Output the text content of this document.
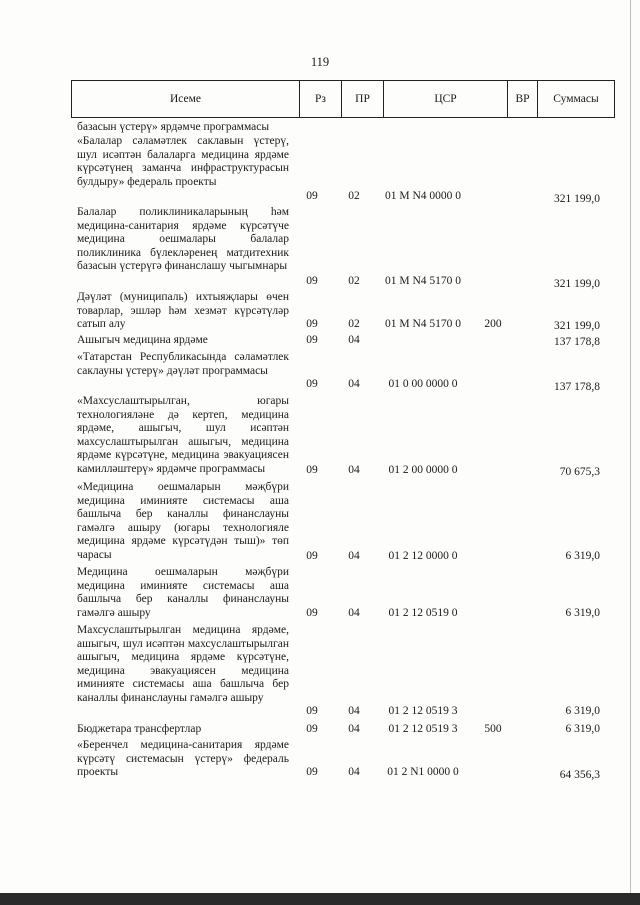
119
Исеме	Рз	ПР	ЦСР	ВР	Суммасы
базасын үстерү» ярдәмче программасы
«Балалар сәламәтлек саклавын үстерү, шул исәптән балаларга медицина ярдәме күрсәтүнең заманча инфраструктурасын булдыру» федераль проекты
09	02	01 М N4 0000 0	321 199,0
Балалар поликлиникаларының һәм медицина-санитария ярдәме күрсәтүче медицина оешмалары балалар поликлиника бүлекләренең матдитехник базасын үстерүгә финанслашу чыгымнары
09	02	01 М N4 5170 0	321 199,0
Дәүләт (муниципаль) ихтыяҗлары өчен товарлар, эшләр һәм хезмәт күрсәтүләр сатып алу	09	02	01 М N4 5170 0	200	321 199,0
Ашыгыч медицина ярдәме	09	04	137 178,8
«Татарстан Республикасында сәламәтлек саклауны үстерү» дәүләт программасы
09	04	01 0 00 0000 0	137 178,8
«Махсуслаштырылган, югары технологияләне дә кертеп, медицина ярдәме, ашыгыч, шул исәптән махсуслаштырылган ашыгыч, медицина ярдәме күрсәтүне, медицина эвакуациясен камилләштерү» ярдәмче программасы	09	04	01 2 00 0000 0	70 675,3
«Медицина оешмаларын мәҗбүри медицина иминияте системасы аша башлыча бер каналлы финанслауны гамәлгә ашыру (югары технологияле медицина ярдәме күрсәтүдән тыш)» төп чарасы	09	04	01 2 12 0000 0	6 319,0
Медицина оешмаларын мәҗбүри медицина иминияте системасы аша башлыча бер каналлы финанслауны гамәлгә ашыру	09	04	01 2 12 0519 0	6 319,0
Махсуслаштырылган медицина ярдәме, ашыгыч, шул исәптән махсуслаштырылган ашыгыч, медицина ярдәме күрсәтүне, медицина эвакуациясен медицина иминияте системасы аша башлыча бер каналлы финанслауны гамәлгә ашыру
09	04	01 2 12 0519 3	6 319,0
Бюджетара трансфертлар	09	04	01 2 12 0519 3	500	6 319,0
«Беренчел медицина-санитария ярдәме күрсәтү системасын үстерү» федераль проекты	09	04	01 2 N1 0000 0	64 356,3
